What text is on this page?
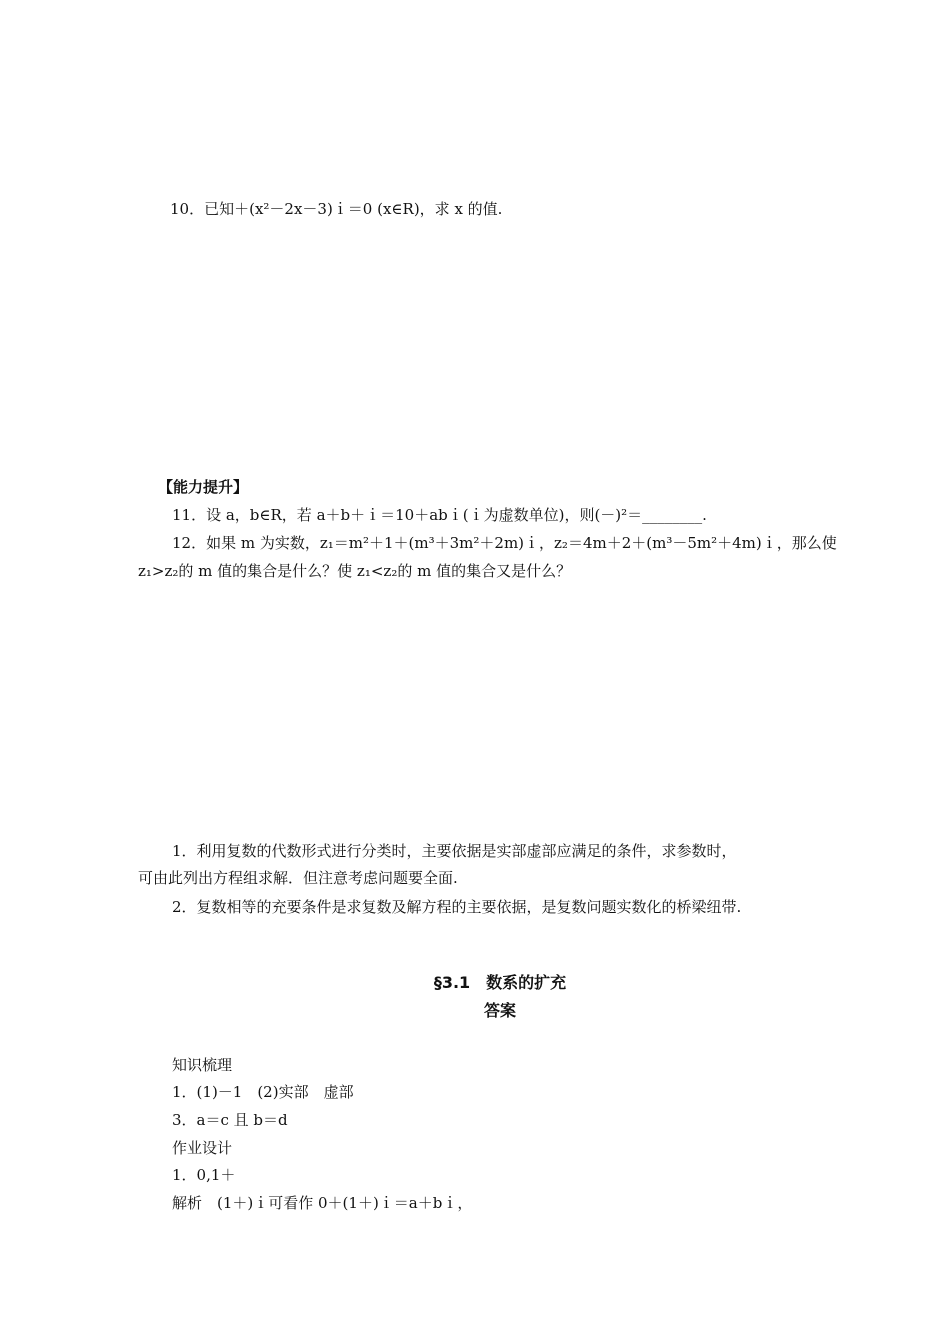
10．已知＋(x²－2x－3)ｉ＝0 (x∈R)，求 x 的值.
【能力提升】
11．设 a，b∈R，若 a＋b＋ｉ＝10＋abｉ(ｉ为虚数单位)，则(－)²＝________.
12．如果 m 为实数，z₁＝m²＋1＋(m³＋3m²＋2m)ｉ，z₂＝4m＋2＋(m³－5m²＋4m)ｉ，那么使
z₁>z₂的 m 值的集合是什么？使 z₁<z₂的 m 值的集合又是什么？
1．利用复数的代数形式进行分类时，主要依据是实部虚部应满足的条件，求参数时，
可由此列出方程组求解．但注意考虑问题要全面.
2．复数相等的充要条件是求复数及解方程的主要依据，是复数问题实数化的桥梁纽带.
§3.1　数系的扩充
答案
知识梳理
1．(1)－1　(2)实部　虚部
3．a＝c 且 b＝d
作业设计
1．0,1＋
解析　(1＋)ｉ可看作 0＋(1＋)ｉ＝a＋bｉ，
